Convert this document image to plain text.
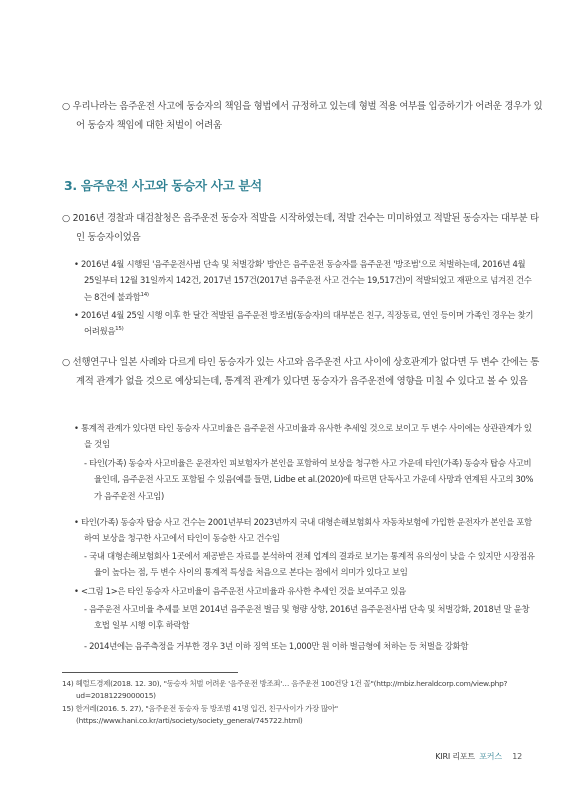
○ 우리나라는 음주운전 사고에 동승자의 책임을 형법에서 규정하고 있는데 형벌 적용 여부를 입증하기가 어려운 경우가 있어 동승자 책임에 대한 처벌이 어려움

3. 음주운전 사고와 동승자 사고 분석

○ 2016년 경찰과 대검찰청은 음주운전 동승자 적발을 시작하였는데, 적발 건수는 미미하였고 적발된 동승자는 대부분 타인 동승자이었음

• 2016년 4월 시행된 '음주운전사범 단속 및 처벌강화' 방안은 음주운전 동승자를 음주운전 '방조범'으로 처벌하는데, 2016년 4월 25일부터 12월 31일까지 142건, 2017년 157건(2017년 음주운전 사고 건수는 19,517건)이 적발되었고 재판으로 넘겨진 건수는 8건에 불과함$^{14)}$

• 2016년 4월 25일 시행 이후 한 달간 적발된 음주운전 방조범(동승자)의 대부분은 친구, 직장동료, 연인 등이며 가족인 경우는 찾기 어려웠음$^{15)}$

○ 선행연구나 일본 사례와 다르게 타인 동승자가 있는 사고와 음주운전 사고 사이에 상호관계가 없다면 두 변수 간에는 통계적 관계가 없을 것으로 예상되는데, 통계적 관계가 있다면 동승자가 음주운전에 영향을 미칠 수 있다고 볼 수 있음

• 통계적 관계가 있다면 타인 동승자 사고비율은 음주운전 사고비율과 유사한 추세일 것으로 보이고 두 변수 사이에는 상관관계가 있을 것임

- 타인(가족) 동승자 사고비율은 운전자인 피보험자가 본인을 포함하여 보상을 청구한 사고 가운데 타인(가족) 동승자 탑승 사고비율인데, 음주운전 사고도 포함될 수 있음(예를 들면, Lidbe et al.(2020)에 따르면 단독사고 가운데 사망과 연계된 사고의 30%가 음주운전 사고임)

• 타인(가족) 동승자 탑승 사고 건수는 2001년부터 2023년까지 국내 대형손해보험회사 자동차보험에 가입한 운전자가 본인을 포함하여 보상을 청구한 사고에서 타인이 동승한 사고 건수임

- 국내 대형손해보험회사 1곳에서 제공받은 자료를 분석하여 전체 업계의 결과로 보기는 통계적 유의성이 낮을 수 있지만 시장점유율이 높다는 점, 두 변수 사이의 통계적 특성을 처음으로 본다는 점에서 의미가 있다고 보임

• <그림 1>은 타인 동승자 사고비율이 음주운전 사고비율과 유사한 추세인 것을 보여주고 있음

- 음주운전 사고비율 추세를 보면 2014년 음주운전 벌금 및 형량 상향, 2016년 음주운전사범 단속 및 처벌강화, 2018년 말 윤창호법 일부 시행 이후 하락함

- 2014년에는 음주측정을 거부한 경우 3년 이하 징역 또는 1,000만 원 이하 벌금형에 처하는 등 처벌을 강화함

14) 헤럴드경제(2018. 12. 30), "동승자 처벌 어려운 '음주운전 방조죄'… 음주운전 100건당 1건 꼴"(http://mbiz.heraldcorp.com/view.php?ud=20181229000015)

15) 한겨레(2016. 5. 27), "음주운전 동승자 등 방조범 41명 입건, 친구사이가 가장 많아"(https://www.hani.co.kr/arti/society/society_general/745722.html)

KIRI 리포트 포커스 12
